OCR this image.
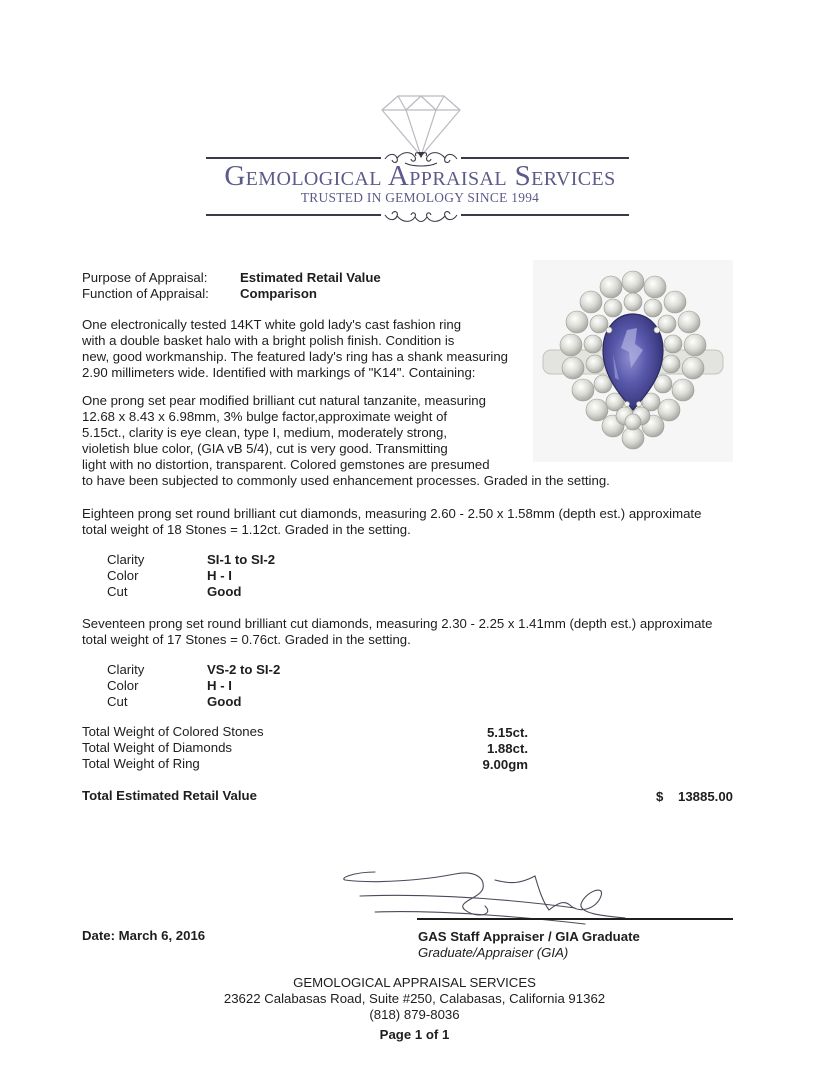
Gemological Appraisal Services
TRUSTED IN GEMOLOGY SINCE 1994
Purpose of Appraisal: Estimated Retail Value
Function of Appraisal: Comparison
One electronically tested 14KT white gold lady's cast fashion ring
with a double basket halo with a bright polish finish. Condition is
new, good workmanship. The featured lady's ring has a shank measuring
2.90 millimeters wide. Identified with markings of "K14". Containing:
One prong set pear modified brilliant cut natural tanzanite, measuring
12.68 x 8.43 x 6.98mm, 3% bulge factor,approximate weight of
5.15ct., clarity is eye clean, type I, medium, moderately strong,
violetish blue color, (GIA vB 5/4), cut is very good. Transmitting
light with no distortion, transparent. Colored gemstones are presumed
to have been subjected to commonly used enhancement processes. Graded in the setting.
Eighteen prong set round brilliant cut diamonds, measuring 2.60 - 2.50 x 1.58mm (depth est.) approximate
total weight of 18 Stones = 1.12ct. Graded in the setting.
Clarity	SI-1 to SI-2
Color	H - I
Cut	Good
Seventeen prong set round brilliant cut diamonds, measuring 2.30 - 2.25 x 1.41mm (depth est.) approximate
total weight of 17 Stones = 0.76ct. Graded in the setting.
Clarity	VS-2 to SI-2
Color	H - I
Cut	Good
Total Weight of Colored Stones	5.15ct.
Total Weight of Diamonds	1.88ct.
Total Weight of Ring	9.00gm
Total Estimated Retail Value	$	13885.00
Date: March 6, 2016	GAS Staff Appraiser / GIA Graduate
Graduate/Appraiser (GIA)
GEMOLOGICAL APPRAISAL SERVICES
23622 Calabasas Road, Suite #250, Calabasas, California 91362
(818) 879-8036
Page 1 of 1
